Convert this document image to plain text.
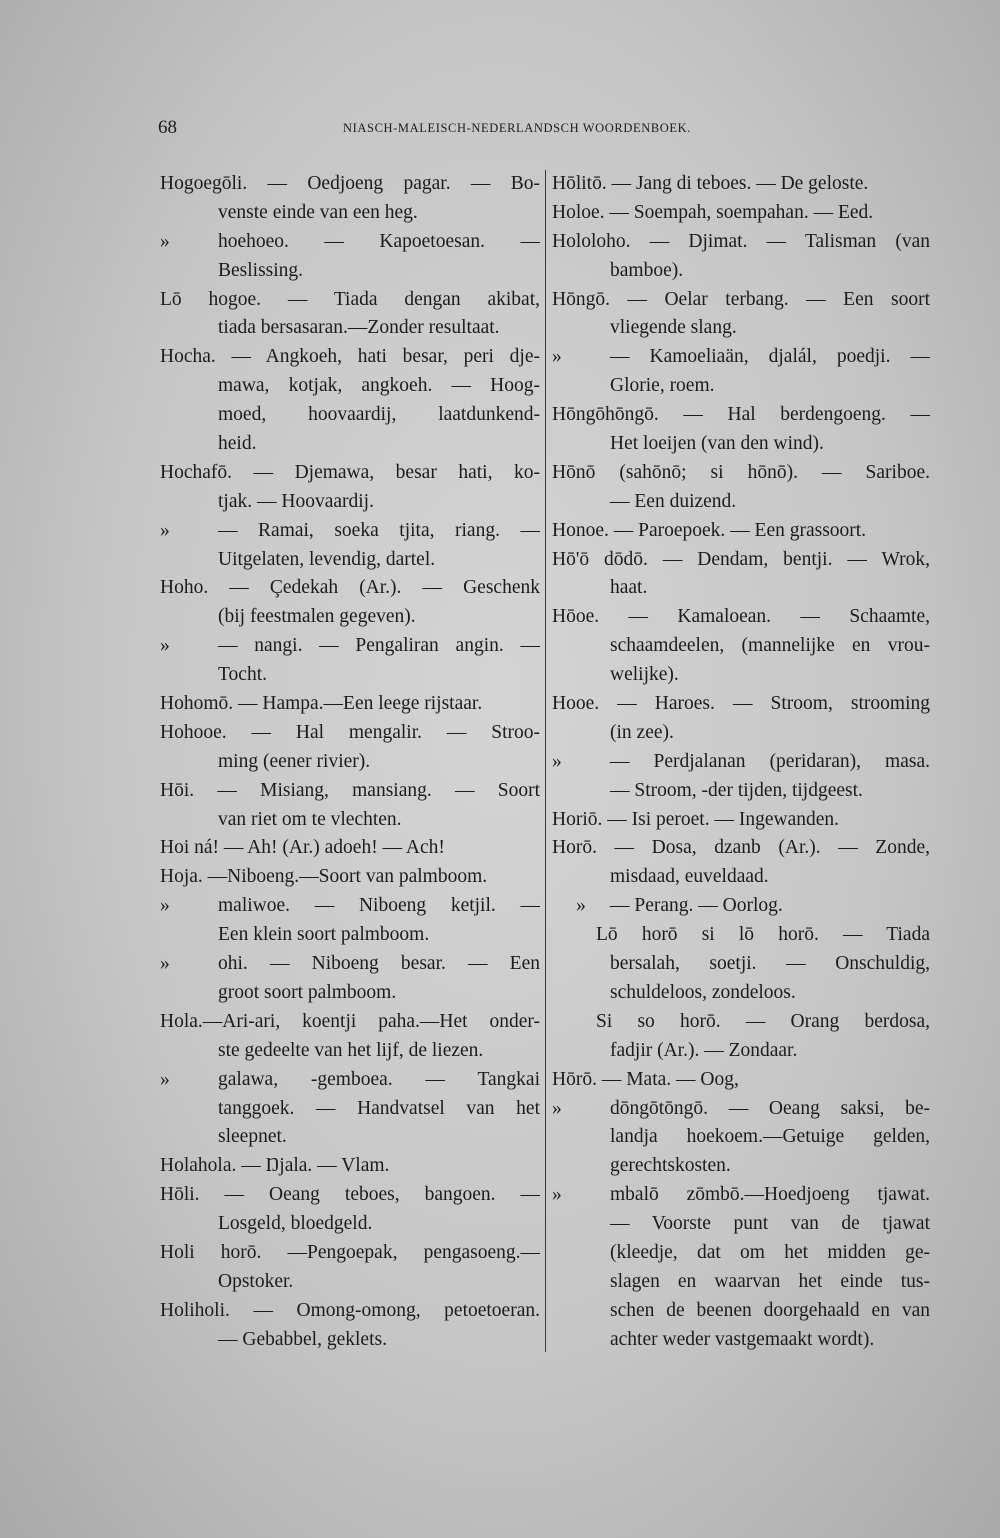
68	NIASCH-MALEISCH-NEDERLANDSCH WOORDENBOEK.
Hogoegōli. — Oedjoeng pagar. — Bo-
venste einde van een heg.
» hoehoeo. — Kapoetoesan. —
Beslissing.
Lō hogoe. — Tiada dengan akibat,
tiada bersasaran.—Zonder resultaat.
Hocha. — Angkoeh, hati besar, peri dje-
mawa, kotjak, angkoeh. — Hoog-
moed, hoovaardij, laatdunkend-
heid.
Hochafō. — Djemawa, besar hati, ko-
tjak. — Hoovaardij.
» — Ramai, soeka tjita, riang. —
Uitgelaten, levendig, dartel.
Hoho. — Çedekah (Ar.). — Geschenk
(bij feestmalen gegeven).
» — nangi. — Pengaliran angin. —
Tocht.
Hohomō. — Hampa.—Een leege rijstaar.
Hohooe. — Hal mengalir. — Stroo-
ming (eener rivier).
Hōi. — Misiang, mansiang. — Soort
van riet om te vlechten.
Hoi ná! — Ah! (Ar.) adoeh! — Ach!
Hoja. —Niboeng.—Soort van palmboom.
» maliwoe. — Niboeng ketjil. —
Een klein soort palmboom.
» ohi. — Niboeng besar. — Een
groot soort palmboom.
Hola.—Ari-ari, koentji paha.—Het onder-
ste gedeelte van het lijf, de liezen.
» galawa, -gemboea. — Tangkai
tanggoek. — Handvatsel van het
sleepnet.
Holahola. — Ŋjala. — Vlam.
Hōli. — Oeang teboes, bangoen. —
Losgeld, bloedgeld.
Holi horō. —Pengoepak, pengasoeng.—
Opstoker.
Holiholi. — Omong-omong, petoetoeran.
— Gebabbel, geklets.
Hōlitō. — Jang di teboes. — De geloste.
Holoe. — Soempah, soempahan. — Eed.
Hololoho. — Djimat. — Talisman (van
bamboe).
Hōngō. — Oelar terbang. — Een soort
vliegende slang.
» — Kamoeliaän, djalál, poedji. —
Glorie, roem.
Hōngōhōngō. — Hal berdengoeng. —
Het loeijen (van den wind).
Hōnō (sahōnō; si hōnō). — Sariboe.
— Een duizend.
Honoe. — Paroepoek. — Een grassoort.
Hō'ō dōdō. — Dendam, bentji. — Wrok,
haat.
Hōoe. — Kamaloean. — Schaamte,
schaamdeelen, (mannelijke en vrou-
welijke).
Hooe. — Haroes. — Stroom, strooming
(in zee).
» — Perdjalanan (peridaran), masa.
— Stroom, -der tijden, tijdgeest.
Horiō. — Isi peroet. — Ingewanden.
Horō. — Dosa, dzanb (Ar.). — Zonde,
misdaad, euveldaad.
» — Perang. — Oorlog.
Lō horō si lō horō. — Tiada
bersalah, soetji. — Onschuldig,
schuldeloos, zondeloos.
Si so horō. — Orang berdosa,
fadjir (Ar.). — Zondaar.
Hōrō. — Mata. — Oog,
» dōngōtōngō. — Oeang saksi, be-
landja hoekoem.—Getuige gelden,
gerechtskosten.
» mbalō zōmbō.—Hoedjoeng tjawat.
— Voorste punt van de tjawat
(kleedje, dat om het midden ge-
slagen en waarvan het einde tus-
schen de beenen doorgehaald en van
achter weder vastgemaakt wordt).
